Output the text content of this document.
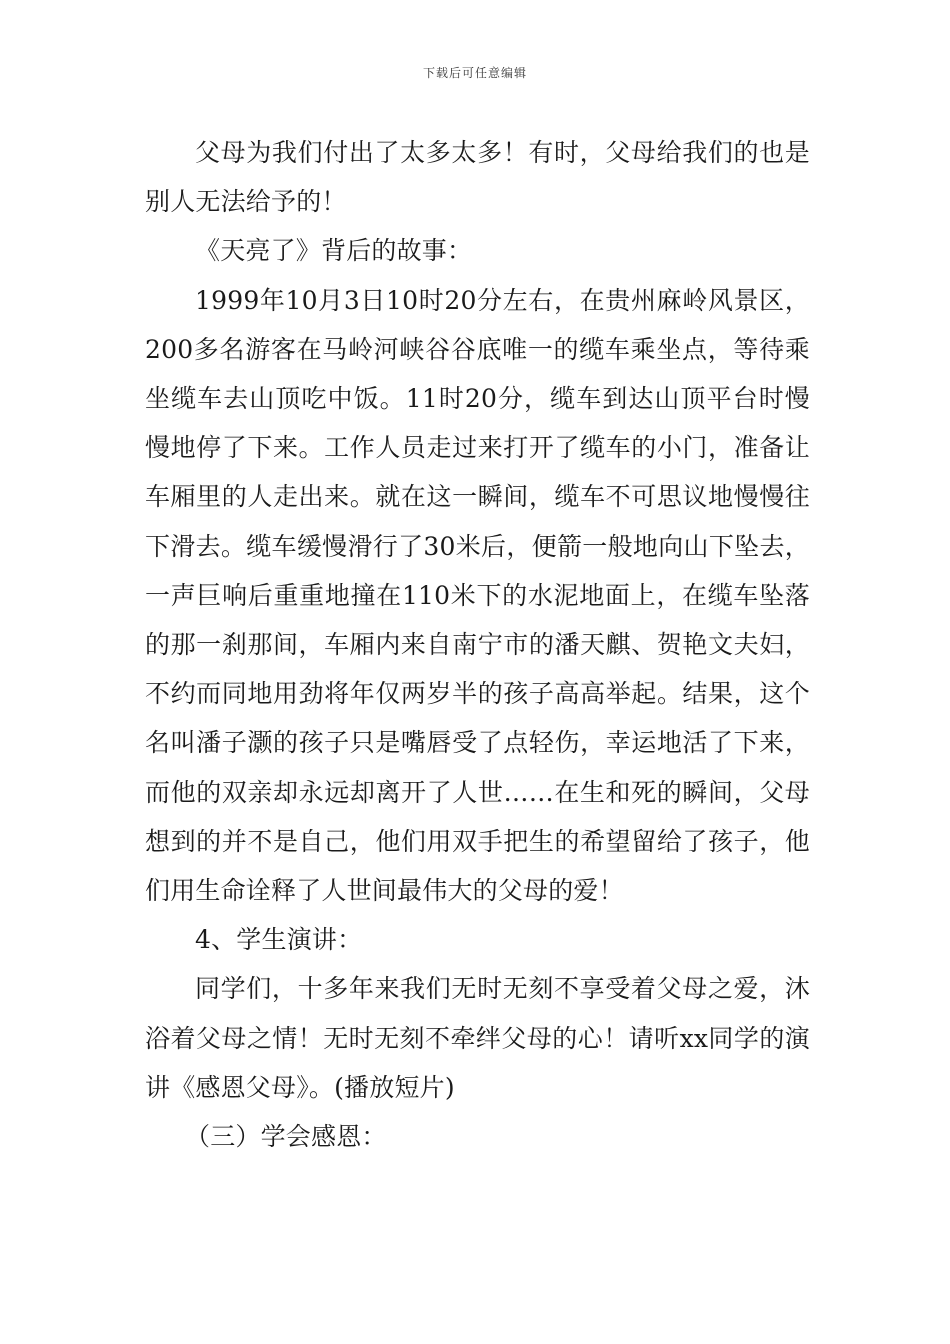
下载后可任意编辑

父母为我们付出了太多太多！有时，父母给我们的也是别人无法给予的！

《天亮了》背后的故事：

1999年10月3日10时20分左右，在贵州麻岭风景区，200多名游客在马岭河峡谷谷底唯一的缆车乘坐点，等待乘坐缆车去山顶吃中饭。11时20分，缆车到达山顶平台时慢慢地停了下来。工作人员走过来打开了缆车的小门，准备让车厢里的人走出来。就在这一瞬间，缆车不可思议地慢慢往下滑去。缆车缓慢滑行了30米后，便箭一般地向山下坠去，一声巨响后重重地撞在110米下的水泥地面上，在缆车坠落的那一刹那间，车厢内来自南宁市的潘天麒、贺艳文夫妇，不约而同地用劲将年仅两岁半的孩子高高举起。结果，这个名叫潘子灏的孩子只是嘴唇受了点轻伤，幸运地活了下来，而他的双亲却永远却离开了人世……在生和死的瞬间，父母想到的并不是自己，他们用双手把生的希望留给了孩子，他们用生命诠释了人世间最伟大的父母的爱！

4、学生演讲：

同学们，十多年来我们无时无刻不享受着父母之爱，沐浴着父母之情！无时无刻不牵绊父母的心！请听xx同学的演讲《感恩父母》。(播放短片)

（三）学会感恩：
